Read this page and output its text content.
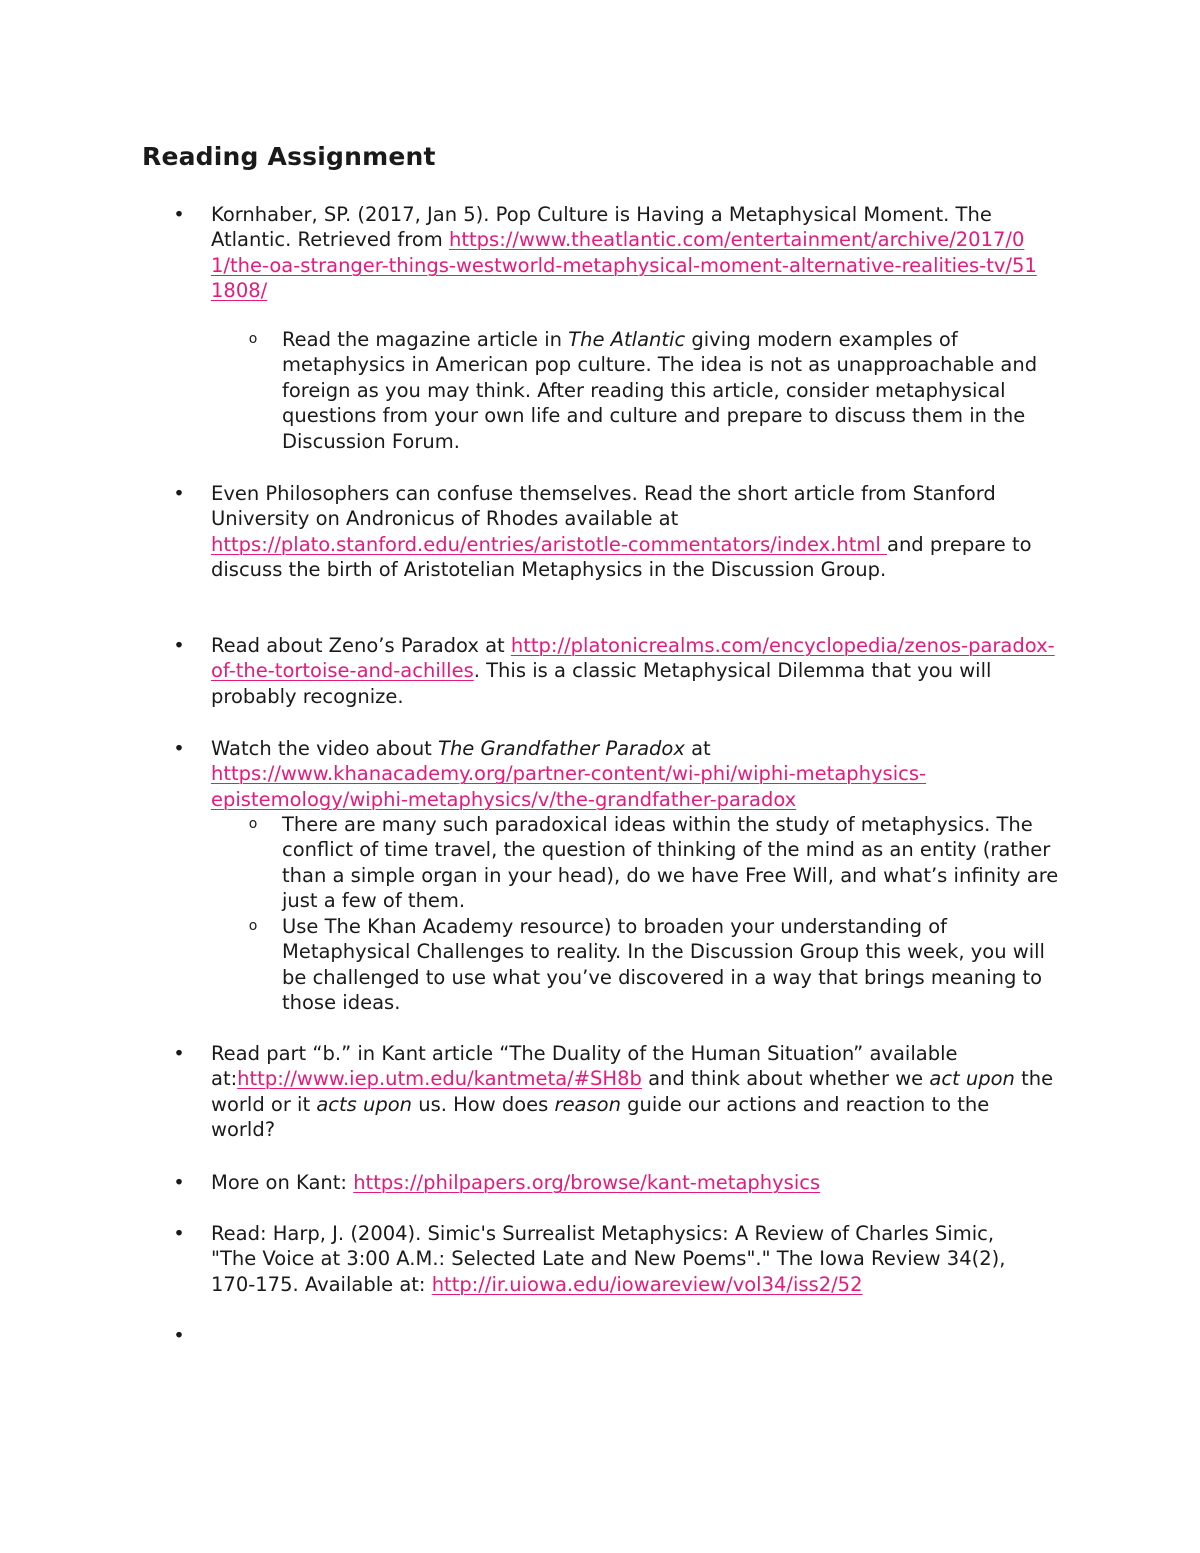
Reading Assignment
•

Kornhaber, SP. (2017, Jan 5). Pop Culture is Having a Metaphysical Moment. The Atlantic. Retrieved from https://www.theatlantic.com/entertainment/archive/2017/01/the-oa-stranger-things-westworld-metaphysical-moment-alternative-realities-tv/511808/

o

Read the magazine article in The Atlantic giving modern examples of metaphysics in American pop culture. The idea is not as unapproachable and foreign as you may think. After reading this article, consider metaphysical questions from your own life and culture and prepare to discuss them in the Discussion Forum.

•

Even Philosophers can confuse themselves. Read the short article from Stanford University on Andronicus of Rhodes available at https://plato.stanford.edu/entries/aristotle-commentators/index.html and prepare to discuss the birth of Aristotelian Metaphysics in the Discussion Group.

•

Read about Zeno’s Paradox at http://platonicrealms.com/encyclopedia/zenos-paradox-of-the-tortoise-and-achilles. This is a classic Metaphysical Dilemma that you will probably recognize.

•

Watch the video about The Grandfather Paradox at https://www.khanacademy.org/partner-content/wi-phi/wiphi-metaphysics-epistemology/wiphi-metaphysics/v/the-grandfather-paradox

o

There are many such paradoxical ideas within the study of metaphysics. The conflict of time travel, the question of thinking of the mind as an entity (rather than a simple organ in your head), do we have Free Will, and what’s infinity are just a few of them.

o

Use The Khan Academy resource) to broaden your understanding of Metaphysical Challenges to reality. In the Discussion Group this week, you will be challenged to use what you’ve discovered in a way that brings meaning to those ideas.

•

Read part “b.” in Kant article “The Duality of the Human Situation” available at:http://www.iep.utm.edu/kantmeta/#SH8b and think about whether we act upon the world or it acts upon us. How does reason guide our actions and reaction to the world?

•

More on Kant: https://philpapers.org/browse/kant-metaphysics

•

Read: Harp, J. (2004). Simic's Surrealist Metaphysics: A Review of Charles Simic, "The Voice at 3:00 A.M.: Selected Late and New Poems"." The Iowa Review 34(2), 170-175. Available at: http://ir.uiowa.edu/iowareview/vol34/iss2/52

•
